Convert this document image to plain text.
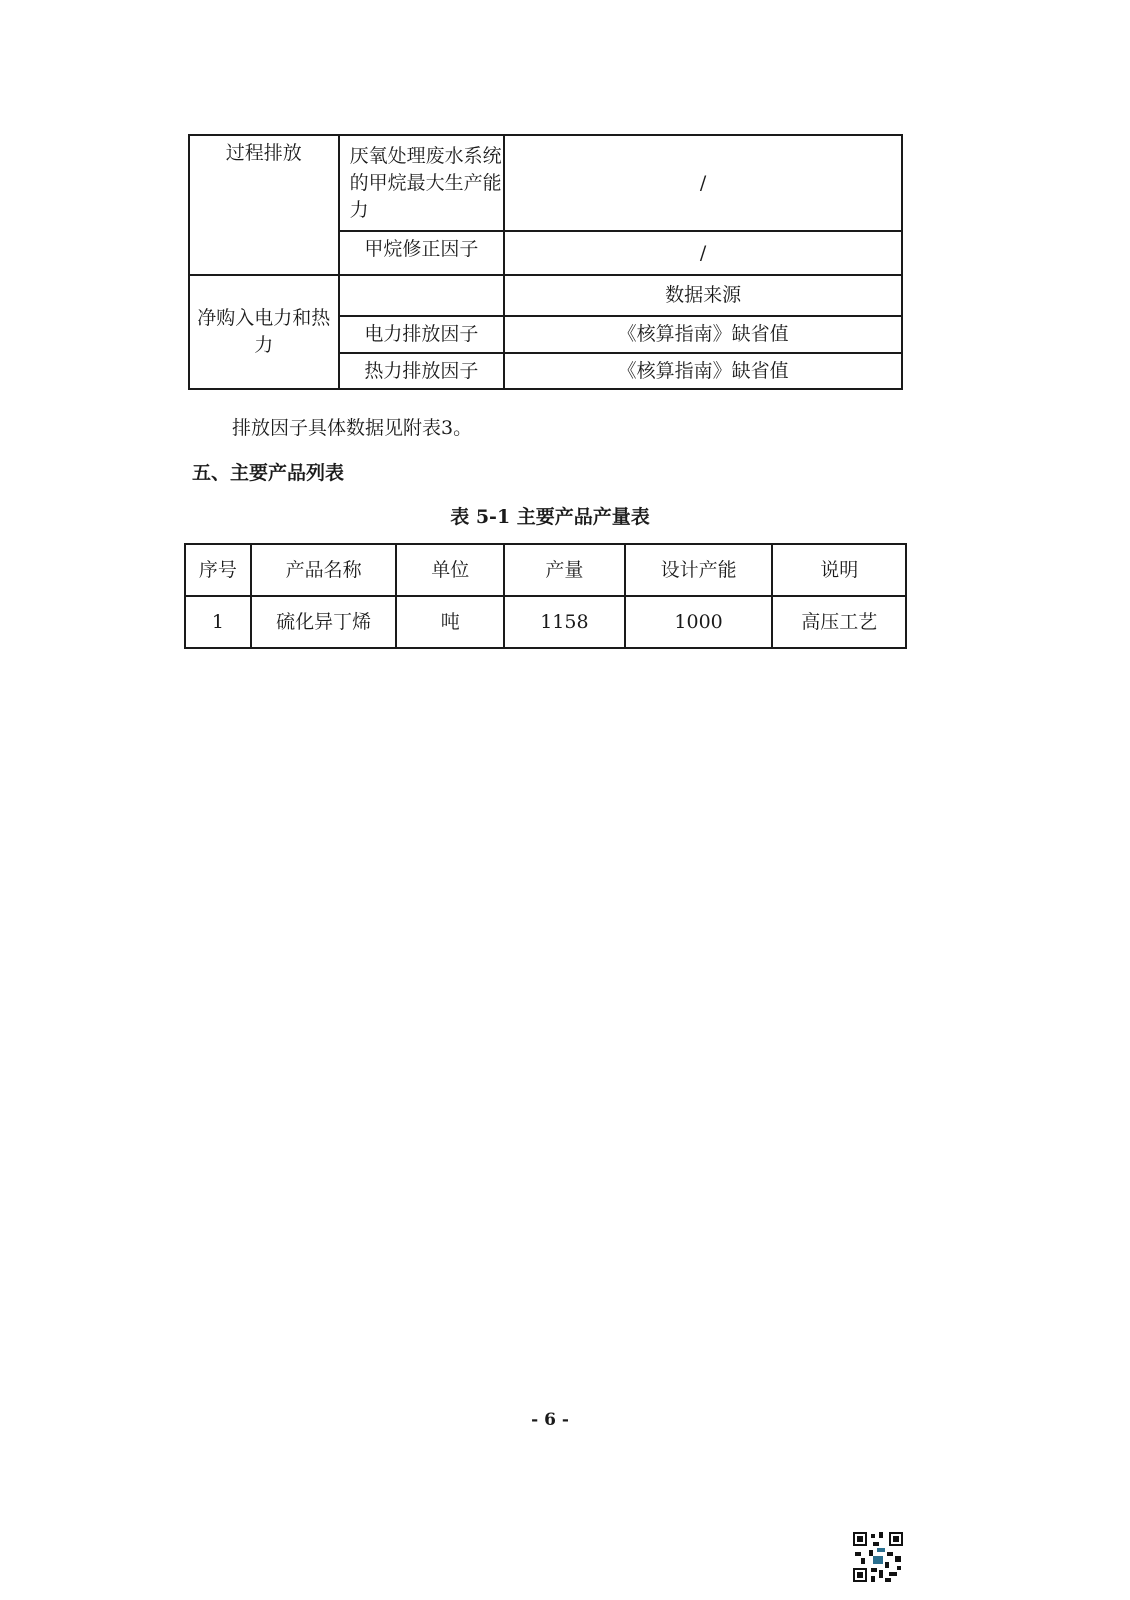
过程排放	厌氧处理废水系统的甲烷最大生产能力	/
	甲烷修正因子	/
净购入电力和热力		数据来源
	电力排放因子	《核算指南》缺省值
	热力排放因子	《核算指南》缺省值
排放因子具体数据见附表3。
五、主要产品列表
表 5-1 主要产品产量表
序号	产品名称	单位	产量	设计产能	说明
1	硫化异丁烯	吨	1158	1000	高压工艺
- 6 -
